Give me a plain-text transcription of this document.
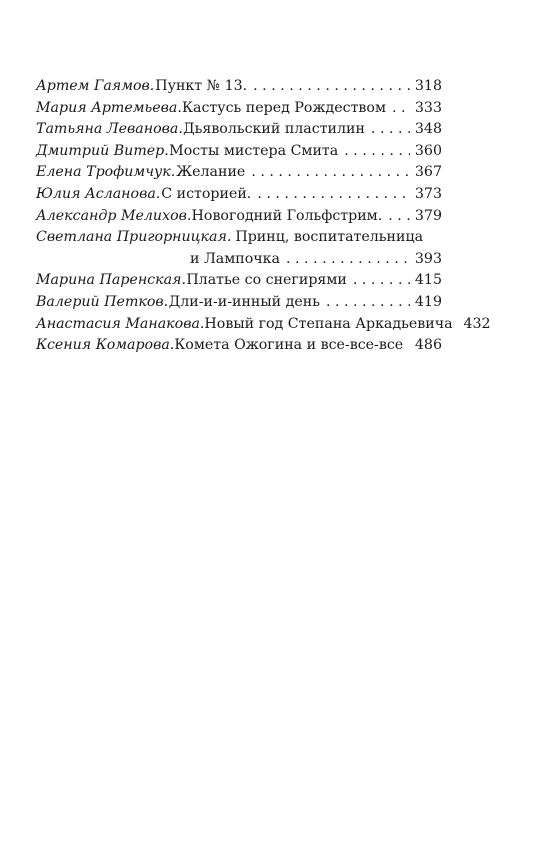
Артем Гаямов. Пункт № 13. . . .	318
Мария Артемьева. Кастусь перед Рождеством . . . 333
Татьяна Леванова. Дьявольский пластилин . . .	348
Дмитрий Витер. Мосты мистера Смита . . .	360
Елена Трофимчук. Желание . . .	367
Юлия Асланова. С историей. . . .	373
Александр Мелихов. Новогодний Гольфстрим. . . . 379
Светлана Пригорницкая. Принц, воспитательница
и Лампочка . . .	393
Марина Паренская. Платье со снегирями . . .	415
Валерий Петков. Дли-и-и-инный день . . .	419
Анастасия Манакова. Новый год Степана Аркадьевича 432
Ксения Комарова. Комета Ожогина и все-все-все . . . 486
